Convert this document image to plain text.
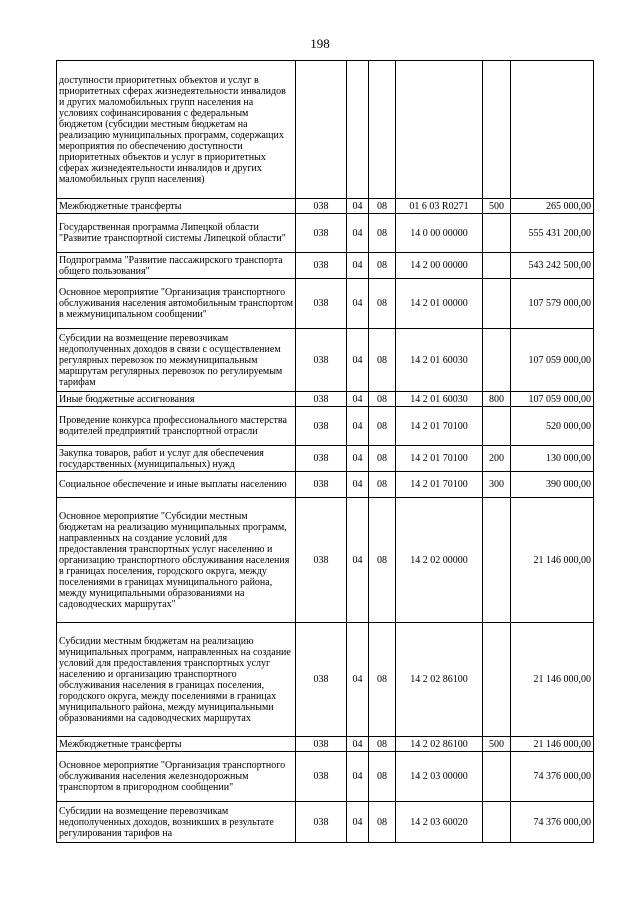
198
доступности приоритетных объектов и услуг в приоритетных сферах жизнедеятельности инвалидов и других маломобильных групп населения на условиях софинансирования с федеральным бюджетом (субсидии местным бюджетам на реализацию муниципальных программ, содержащих мероприятия по обеспечению доступности приоритетных объектов и услуг в приоритетных сферах жизнедеятельности инвалидов и других маломобильных групп населения)						
Межбюджетные трансферты	038	04	08	01 6 03 R0271	500	265 000,00
Государственная программа Липецкой области "Развитие транспортной системы Липецкой области"	038	04	08	14 0 00 00000		555 431 200,00
Подпрограмма "Развитие пассажирского транспорта общего пользования"	038	04	08	14 2 00 00000		543 242 500,00
Основное мероприятие "Организация транспортного обслуживания населения автомобильным транспортом в межмуниципальном сообщении"	038	04	08	14 2 01 00000		107 579 000,00
Субсидии на возмещение перевозчикам недополученных доходов в связи с осуществлением регулярных перевозок по межмуниципальным маршрутам регулярных перевозок по регулируемым тарифам	038	04	08	14 2 01 60030		107 059 000,00
Иные бюджетные ассигнования	038	04	08	14 2 01 60030	800	107 059 000,00
Проведение конкурса профессионального мастерства водителей предприятий транспортной отрасли	038	04	08	14 2 01 70100		520 000,00
Закупка товаров, работ и услуг для обеспечения государственных (муниципальных) нужд	038	04	08	14 2 01 70100	200	130 000,00
Социальное обеспечение и иные выплаты населению	038	04	08	14 2 01 70100	300	390 000,00
Основное мероприятие "Субсидии местным бюджетам на реализацию муниципальных программ, направленных на создание условий для предоставления транспортных услуг населению и организацию транспортного обслуживания населения в границах поселения, городского округа, между поселениями в границах муниципального района, между муниципальными образованиями на садоводческих маршрутах"	038	04	08	14 2 02 00000		21 146 000,00
Субсидии местным бюджетам на реализацию муниципальных программ, направленных на создание условий для предоставления транспортных услуг населению и организацию транспортного обслуживания населения в границах поселения, городского округа, между поселениями в границах муниципального района, между муниципальными образованиями на садоводческих маршрутах	038	04	08	14 2 02 86100		21 146 000,00
Межбюджетные трансферты	038	04	08	14 2 02 86100	500	21 146 000,00
Основное мероприятие "Организация транспортного обслуживания населения железнодорожным транспортом в пригородном сообщении"	038	04	08	14 2 03 00000		74 376 000,00
Субсидии на возмещение перевозчикам недополученных доходов, возникших в результате регулирования тарифов на	038	04	08	14 2 03 60020		74 376 000,00
